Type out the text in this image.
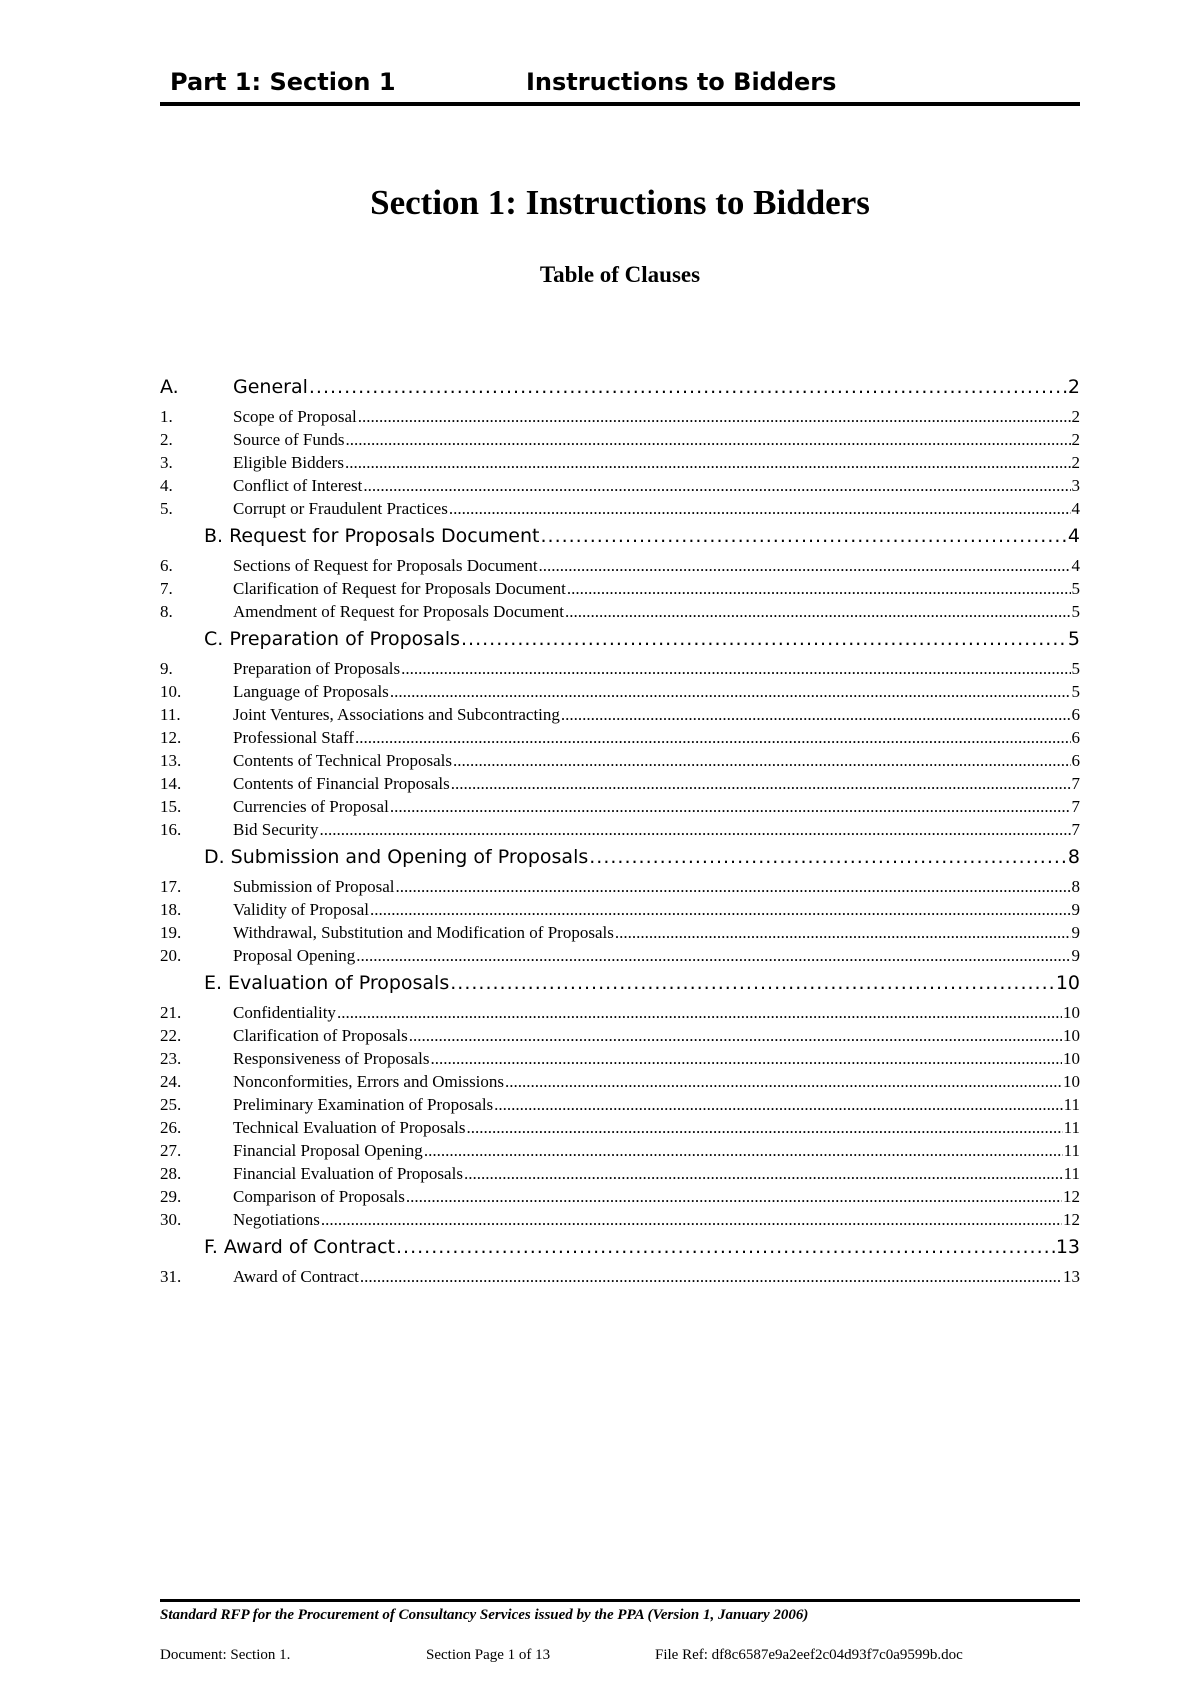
Part 1: Section 1	Instructions to Bidders
Section 1: Instructions to Bidders
Table of Clauses
A.	General .....	2
1.	Scope of Proposal .....	2
2.	Source of Funds .....	2
3.	Eligible Bidders .....	2
4.	Conflict of Interest .....	3
5.	Corrupt or Fraudulent Practices .....	4
B. Request for Proposals Document .....	4
6.	Sections of Request for Proposals Document .....	4
7.	Clarification of Request for Proposals Document .....	5
8.	Amendment of Request for Proposals Document .....	5
C. Preparation of Proposals .....	5
9.	Preparation of Proposals .....	5
10.	Language of Proposals .....	5
11.	Joint Ventures, Associations and Subcontracting .....	6
12.	Professional Staff .....	6
13.	Contents of Technical Proposals .....	6
14.	Contents of Financial Proposals .....	7
15.	Currencies of Proposal .....	7
16.	Bid Security .....	7
D. Submission and Opening of Proposals .....	8
17.	Submission of Proposal .....	8
18.	Validity of Proposal .....	9
19.	Withdrawal, Substitution and Modification of Proposals .....	9
20.	Proposal Opening .....	9
E. Evaluation of Proposals .....	10
21.	Confidentiality .....	10
22.	Clarification of Proposals .....	10
23.	Responsiveness of Proposals .....	10
24.	Nonconformities, Errors and Omissions .....	10
25.	Preliminary Examination of Proposals .....	11
26.	Technical Evaluation of Proposals .....	11
27.	Financial Proposal Opening .....	11
28.	Financial Evaluation of Proposals .....	11
29.	Comparison of Proposals .....	12
30.	Negotiations .....	12
F. Award of Contract .....	13
31.	Award of Contract .....	13
Standard RFP for the Procurement of Consultancy Services issued by the PPA (Version 1, January 2006)
Document: Section 1.	Section Page 1 of 13	File Ref: df8c6587e9a2eef2c04d93f7c0a9599b.doc
